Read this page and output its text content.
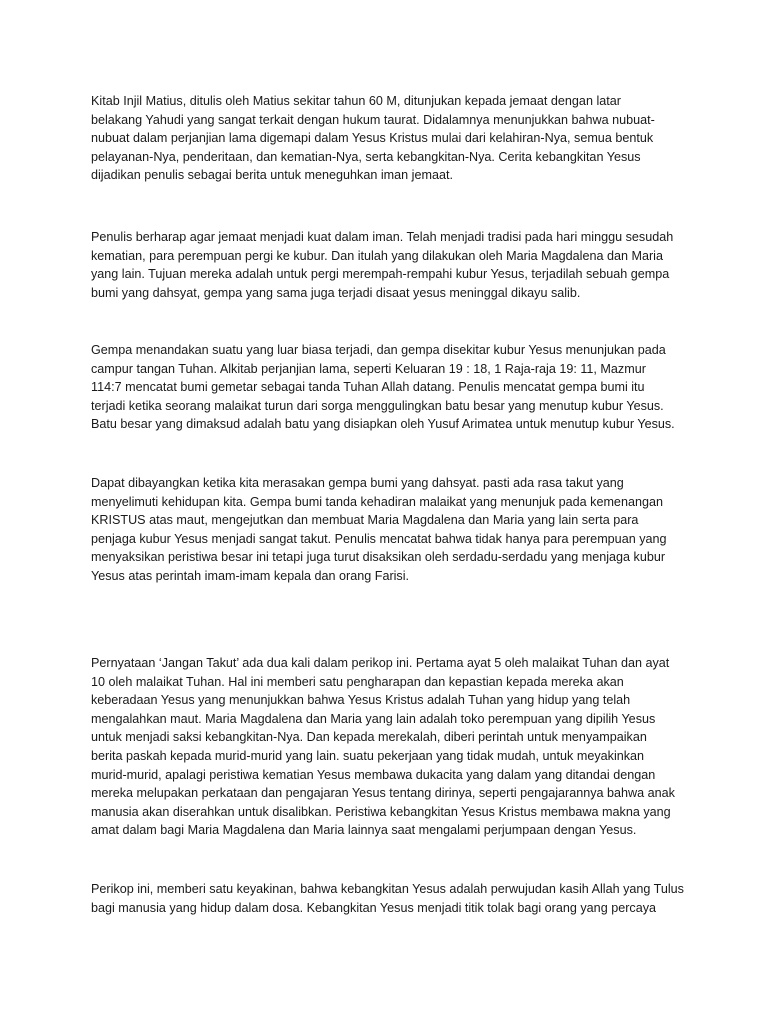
Kitab Injil Matius, ditulis oleh Matius sekitar tahun 60 M, ditunjukan kepada jemaat dengan latar
belakang Yahudi yang sangat terkait dengan hukum taurat. Didalamnya menunjukkan bahwa nubuat-
nubuat dalam perjanjian lama digemapi dalam Yesus Kristus mulai dari kelahiran-Nya, semua bentuk
pelayanan-Nya, penderitaan, dan kematian-Nya, serta kebangkitan-Nya. Cerita kebangkitan Yesus
dijadikan penulis sebagai berita untuk meneguhkan iman jemaat.

Penulis berharap agar jemaat menjadi kuat dalam iman. Telah menjadi tradisi pada hari minggu sesudah
kematian, para perempuan pergi ke kubur. Dan itulah yang dilakukan oleh Maria Magdalena dan Maria
yang lain. Tujuan mereka adalah untuk pergi merempah-rempahi kubur Yesus, terjadilah sebuah gempa
bumi yang dahsyat, gempa yang sama juga terjadi disaat yesus meninggal dikayu salib.

Gempa menandakan suatu yang luar biasa terjadi, dan gempa disekitar kubur Yesus menunjukan pada
campur tangan Tuhan. Alkitab perjanjian lama, seperti Keluaran 19 : 18, 1 Raja-raja 19: 11, Mazmur
114:7 mencatat bumi gemetar sebagai tanda Tuhan Allah datang. Penulis mencatat gempa bumi itu
terjadi ketika seorang malaikat turun dari sorga menggulingkan batu besar yang menutup kubur Yesus.
Batu besar yang dimaksud adalah batu yang disiapkan oleh Yusuf Arimatea untuk menutup kubur Yesus.

Dapat dibayangkan ketika kita merasakan gempa bumi yang dahsyat. pasti ada rasa takut yang
menyelimuti kehidupan kita. Gempa bumi tanda kehadiran malaikat yang menunjuk pada kemenangan
KRISTUS atas maut, mengejutkan dan membuat Maria Magdalena dan Maria yang lain serta para
penjaga kubur Yesus menjadi sangat takut. Penulis mencatat bahwa tidak hanya para perempuan yang
menyaksikan peristiwa besar ini tetapi juga turut disaksikan oleh serdadu-serdadu yang menjaga kubur
Yesus atas perintah imam-imam kepala dan orang Farisi.

Pernyataan ‘Jangan Takut’ ada dua kali dalam perikop ini. Pertama ayat 5 oleh malaikat Tuhan dan ayat
10 oleh malaikat Tuhan. Hal ini memberi satu pengharapan dan kepastian kepada mereka akan
keberadaan Yesus yang menunjukkan bahwa Yesus Kristus adalah Tuhan yang hidup yang telah
mengalahkan maut. Maria Magdalena dan Maria yang lain adalah toko perempuan yang dipilih Yesus
untuk menjadi saksi kebangkitan-Nya. Dan kepada merekalah, diberi perintah untuk menyampaikan
berita paskah kepada murid-murid yang lain. suatu pekerjaan yang tidak mudah, untuk meyakinkan
murid-murid, apalagi peristiwa kematian Yesus membawa dukacita yang dalam yang ditandai dengan
mereka melupakan perkataan dan pengajaran Yesus tentang dirinya, seperti pengajarannya bahwa anak
manusia akan diserahkan untuk disalibkan. Peristiwa kebangkitan Yesus Kristus membawa makna yang
amat dalam bagi Maria Magdalena dan Maria lainnya saat mengalami perjumpaan dengan Yesus.

Perikop ini, memberi satu keyakinan, bahwa kebangkitan Yesus adalah perwujudan kasih Allah yang Tulus
bagi manusia yang hidup dalam dosa. Kebangkitan Yesus menjadi titik tolak bagi orang yang percaya
